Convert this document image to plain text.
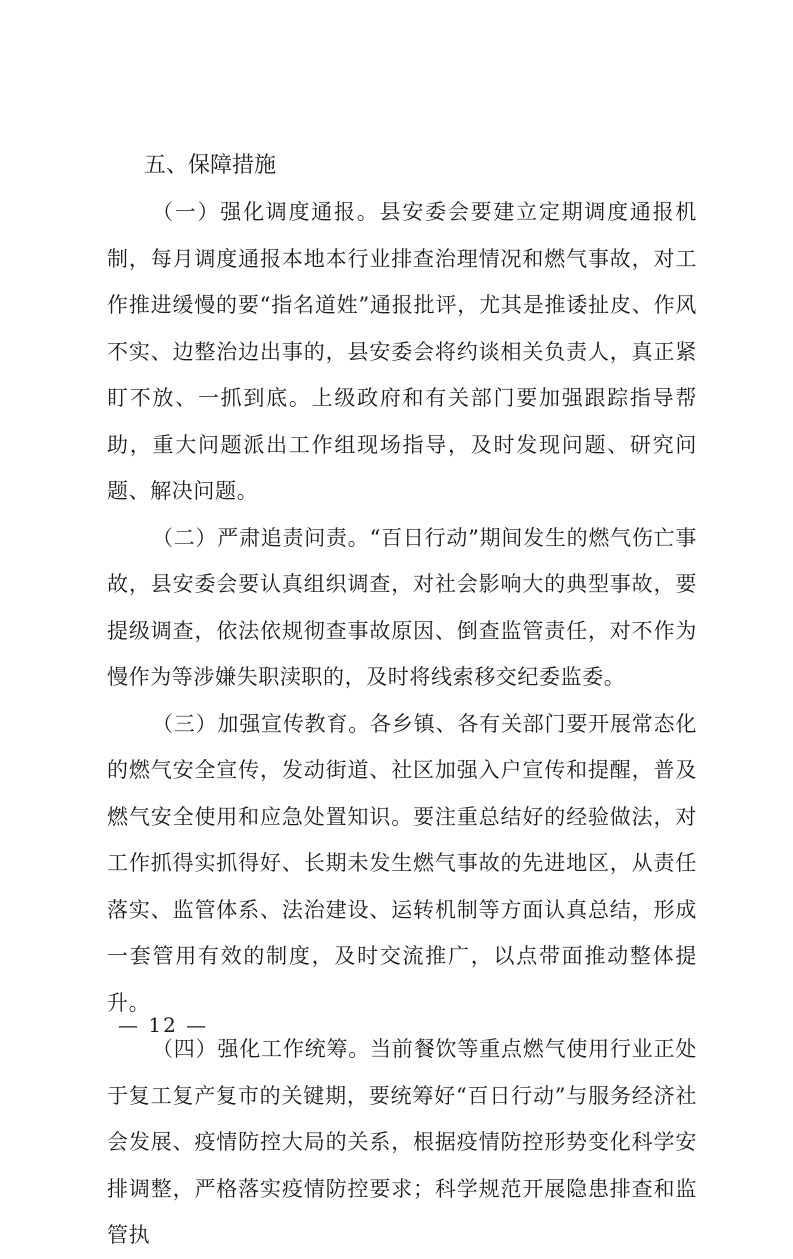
五、保障措施

（一）强化调度通报。县安委会要建立定期调度通报机制，每月调度通报本地本行业排查治理情况和燃气事故，对工作推进缓慢的要“指名道姓”通报批评，尤其是推诿扯皮、作风不实、边整治边出事的，县安委会将约谈相关负责人，真正紧盯不放、一抓到底。上级政府和有关部门要加强跟踪指导帮助，重大问题派出工作组现场指导，及时发现问题、研究问题、解决问题。

（二）严肃追责问责。“百日行动”期间发生的燃气伤亡事故，县安委会要认真组织调查，对社会影响大的典型事故，要提级调查，依法依规彻查事故原因、倒查监管责任，对不作为慢作为等涉嫌失职渎职的，及时将线索移交纪委监委。

（三）加强宣传教育。各乡镇、各有关部门要开展常态化的燃气安全宣传，发动街道、社区加强入户宣传和提醒，普及燃气安全使用和应急处置知识。要注重总结好的经验做法，对工作抓得实抓得好、长期未发生燃气事故的先进地区，从责任落实、监管体系、法治建设、运转机制等方面认真总结，形成一套管用有效的制度，及时交流推广，以点带面推动整体提升。

（四）强化工作统筹。当前餐饮等重点燃气使用行业正处于复工复产复市的关键期，要统筹好“百日行动”与服务经济社会发展、疫情防控大局的关系，根据疫情防控形势变化科学安排调整，严格落实疫情防控要求；科学规范开展隐患排查和监管执

— 12 —
